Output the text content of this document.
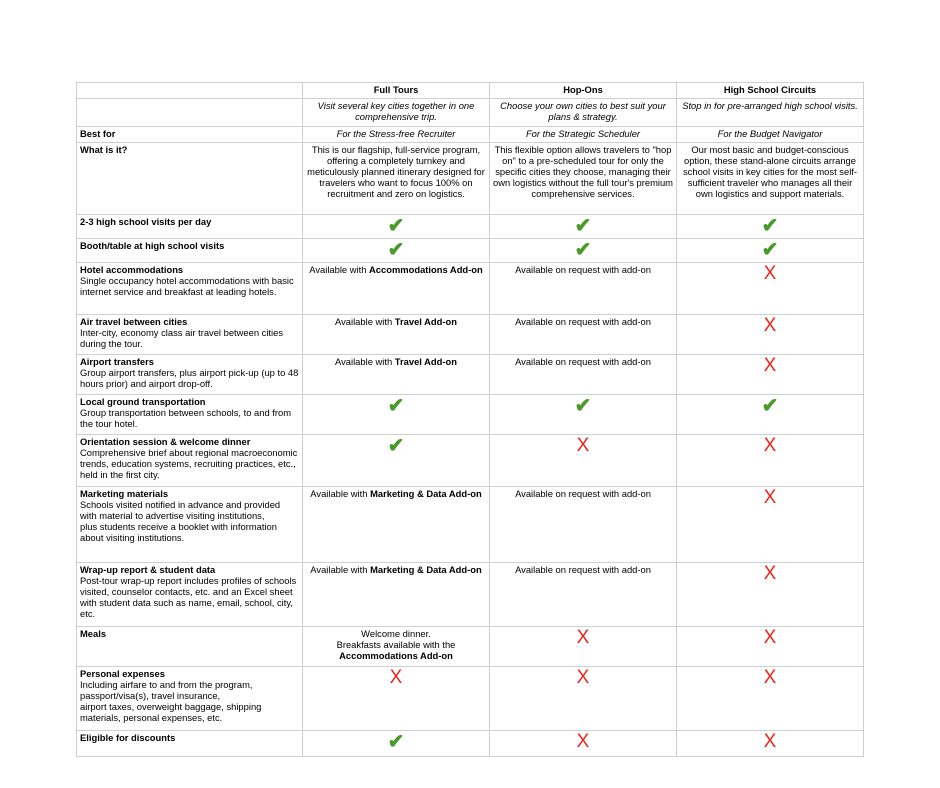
	Full Tours	Hop-Ons	High School Circuits
	Visit several key cities together in one comprehensive trip.	Choose your own cities to best suit your plans & strategy.	Stop in for pre-arranged high school visits.
Best for	For the Stress-free Recruiter	For the Strategic Scheduler	For the Budget Navigator
What is it?	This is our flagship, full-service program, offering a completely turnkey and meticulously planned itinerary designed for travelers who want to focus 100% on recruitment and zero on logistics.	This flexible option allows travelers to "hop on" to a pre-scheduled tour for only the specific cities they choose, managing their own logistics without the full tour's premium comprehensive services.	Our most basic and budget-conscious option, these stand-alone circuits arrange school visits in key cities for the most self-sufficient traveler who manages all their own logistics and support materials.

2-3 high school visits per day	✔	✔	✔

Booth/table at high school visits	✔	✔	✔

Hotel accommodations
Single occupancy hotel accommodations with basic internet service and breakfast at leading hotels.	Available with Accommodations Add-on	Available on request with add-on	X

Air travel between cities
Inter-city, economy class air travel between cities during the tour.	Available with Travel Add-on	Available on request with add-on	X

Airport transfers
Group airport transfers, plus airport pick-up (up to 48 hours prior) and airport drop-off.	Available with Travel Add-on	Available on request with add-on	X

Local ground transportation
Group transportation between schools, to and from the tour hotel.	✔	✔	✔

Orientation session & welcome dinner
Comprehensive brief about regional macroeconomic trends, education systems, recruiting practices, etc., held in the first city.	✔	X	X

Marketing materials
Schools visited notified in advance and provided with material to advertise visiting institutions,
plus students receive a booklet with information about visiting institutions.	Available with Marketing & Data Add-on	Available on request with add-on	X

Wrap-up report & student data
Post-tour wrap-up report includes profiles of schools visited, counselor contacts, etc. and an Excel sheet with student data such as name, email, school, city, etc.	Available with Marketing & Data Add-on	Available on request with add-on	X

Meals	Welcome dinner.
Breakfasts available with the
Accommodations Add-on	X	X

Personal expenses
Including airfare to and from the program, passport/visa(s), travel insurance,
airport taxes, overweight baggage, shipping materials, personal expenses, etc.	X	X	X

Eligible for discounts	✔	X	X
